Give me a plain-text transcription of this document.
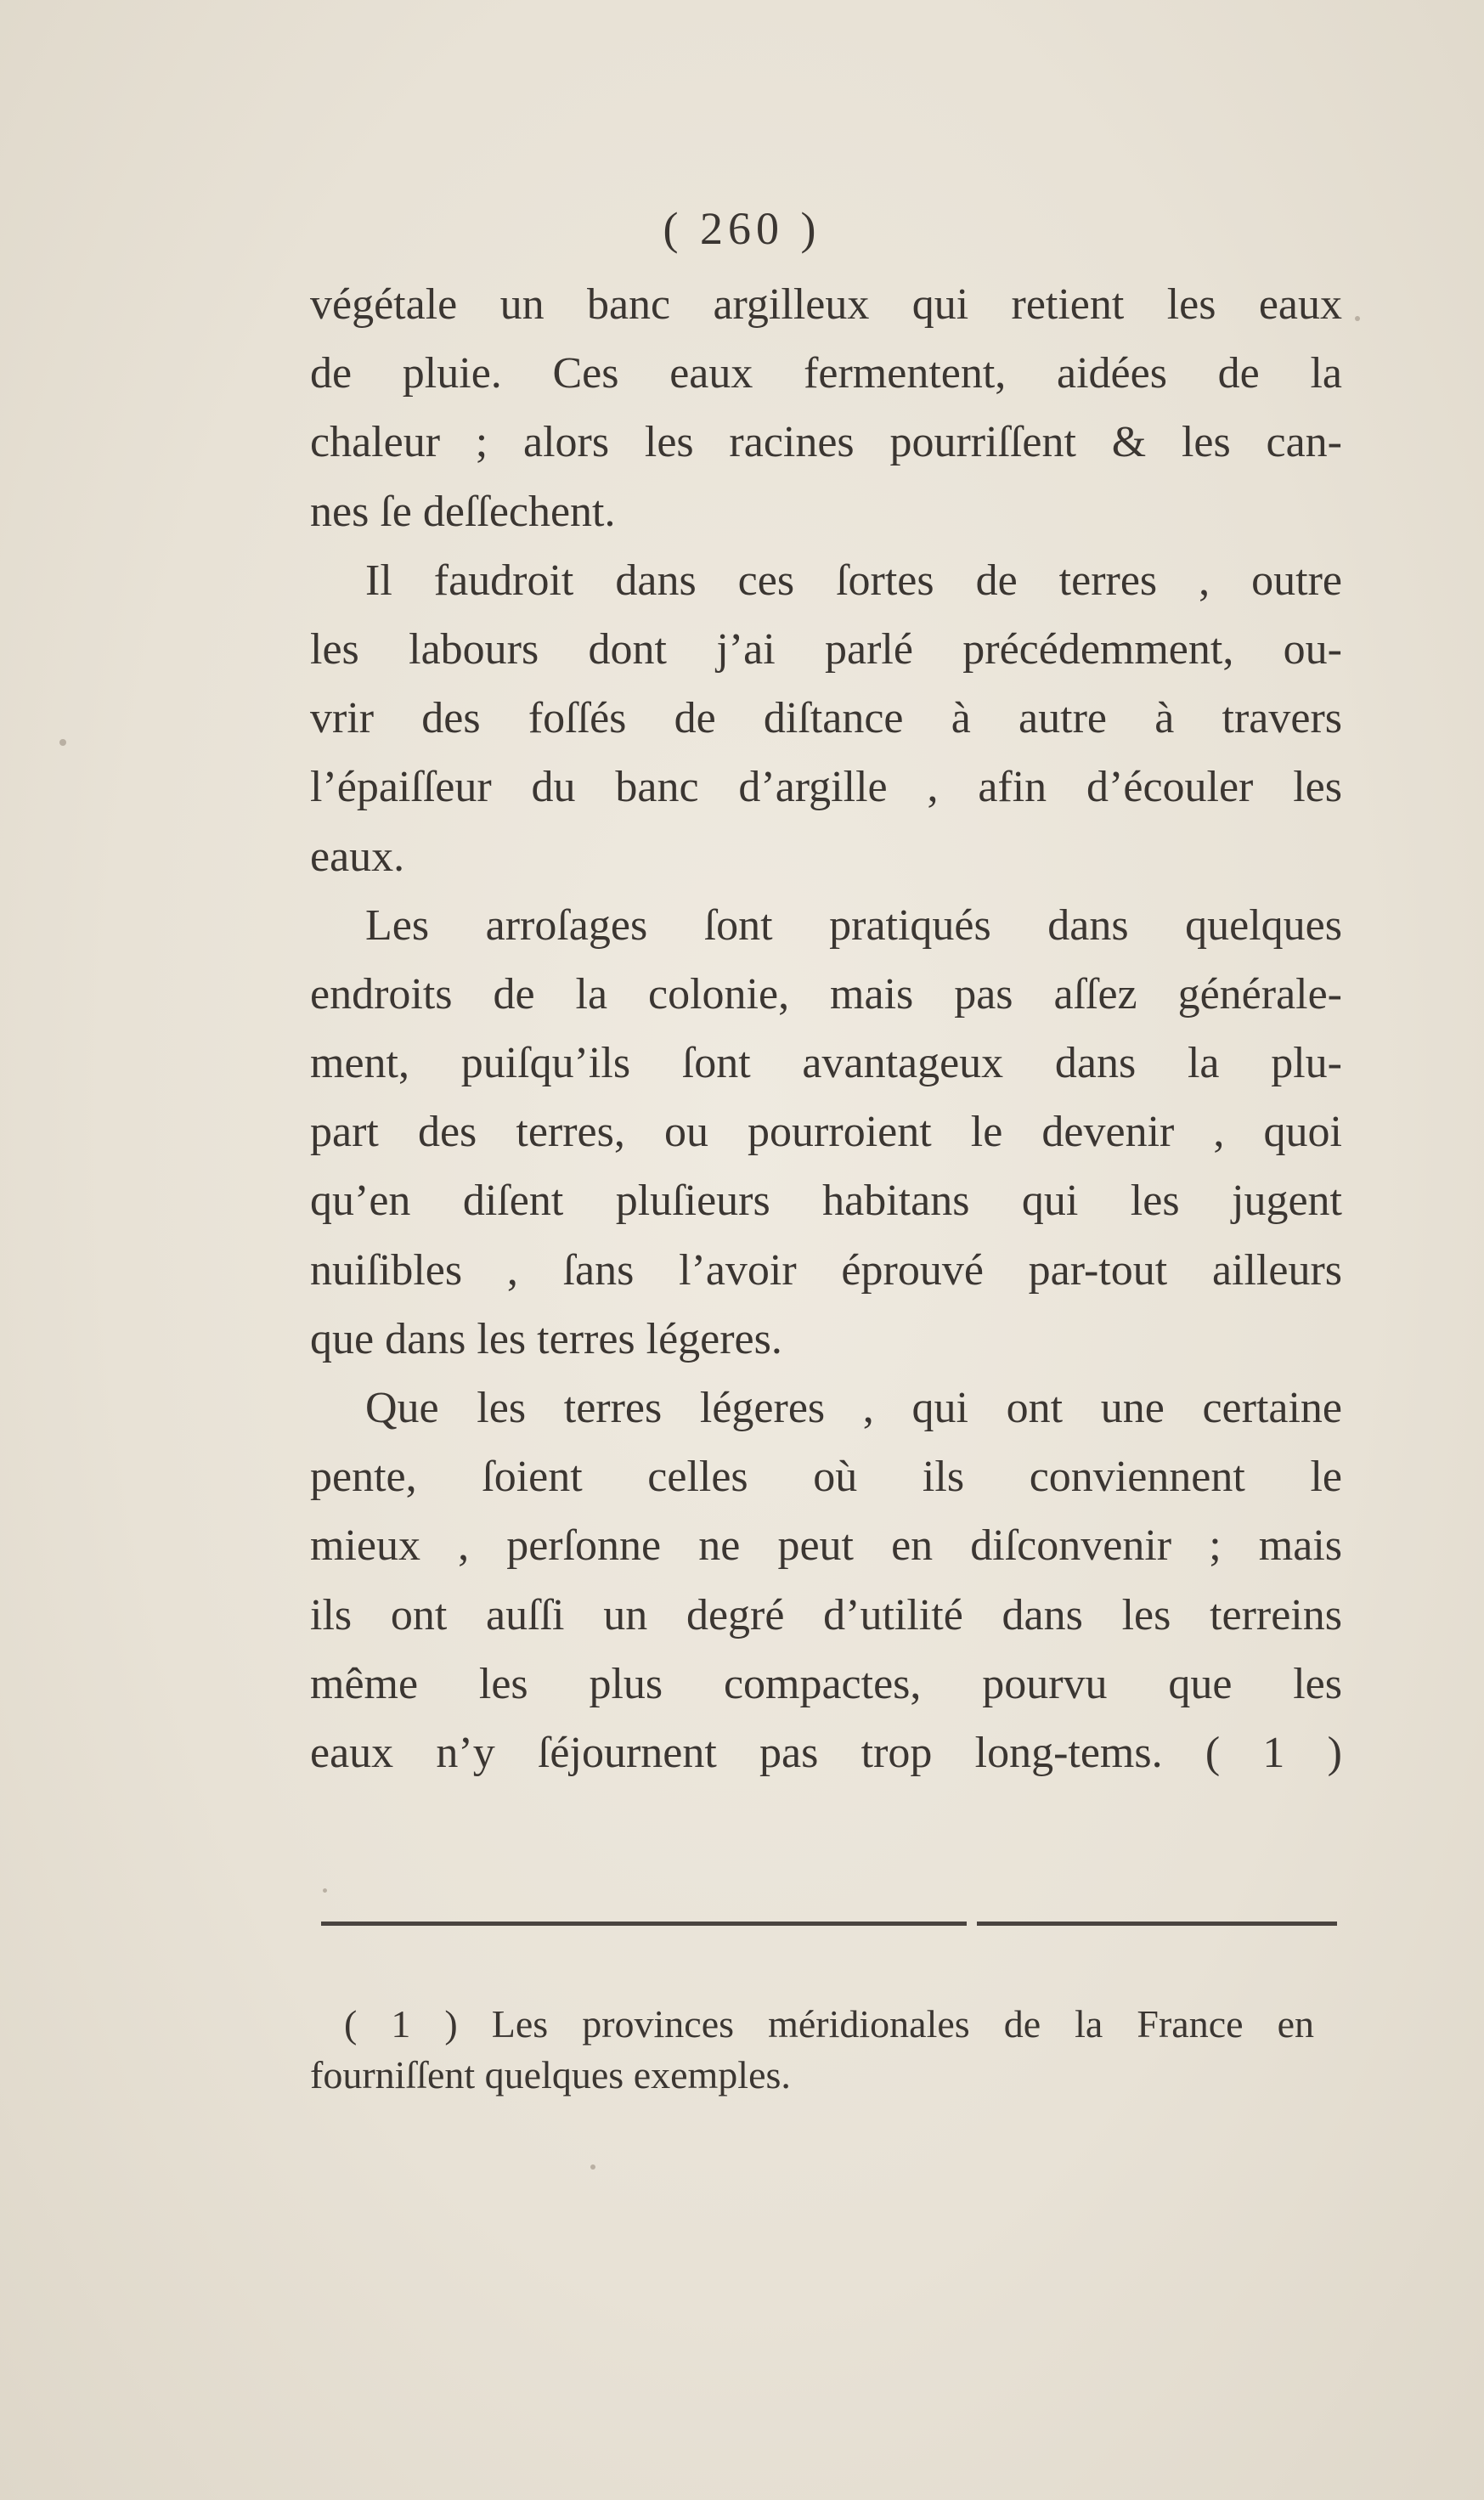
( 260 )
végétale un banc argilleux qui retient les eaux
de pluie. Ces eaux fermentent, aidées de la
chaleur ; alors les racines pourriſſent & les can-
nes ſe deſſechent.
Il faudroit dans ces ſortes de terres , outre
les labours dont j’ai parlé précédemment, ou-
vrir des foſſés de diſtance à autre à travers
l’épaiſſeur du banc d’argille , afin d’écouler les
eaux.
Les arroſages ſont pratiqués dans quelques
endroits de la colonie, mais pas aſſez générale-
ment, puiſqu’ils ſont avantageux dans la plu-
part des terres, ou pourroient le devenir , quoi
qu’en diſent pluſieurs habitans qui les jugent
nuiſibles , ſans l’avoir éprouvé par-tout ailleurs
que dans les terres légeres.
Que les terres légeres , qui ont une certaine
pente, ſoient celles où ils conviennent le
mieux , perſonne ne peut en diſconvenir ; mais
ils ont auſſi un degré d’utilité dans les terreins
même les plus compactes, pourvu que les
eaux n’y ſéjournent pas trop long-tems. ( 1 )
( 1 ) Les provinces méridionales de la France en
fourniſſent quelques exemples.
